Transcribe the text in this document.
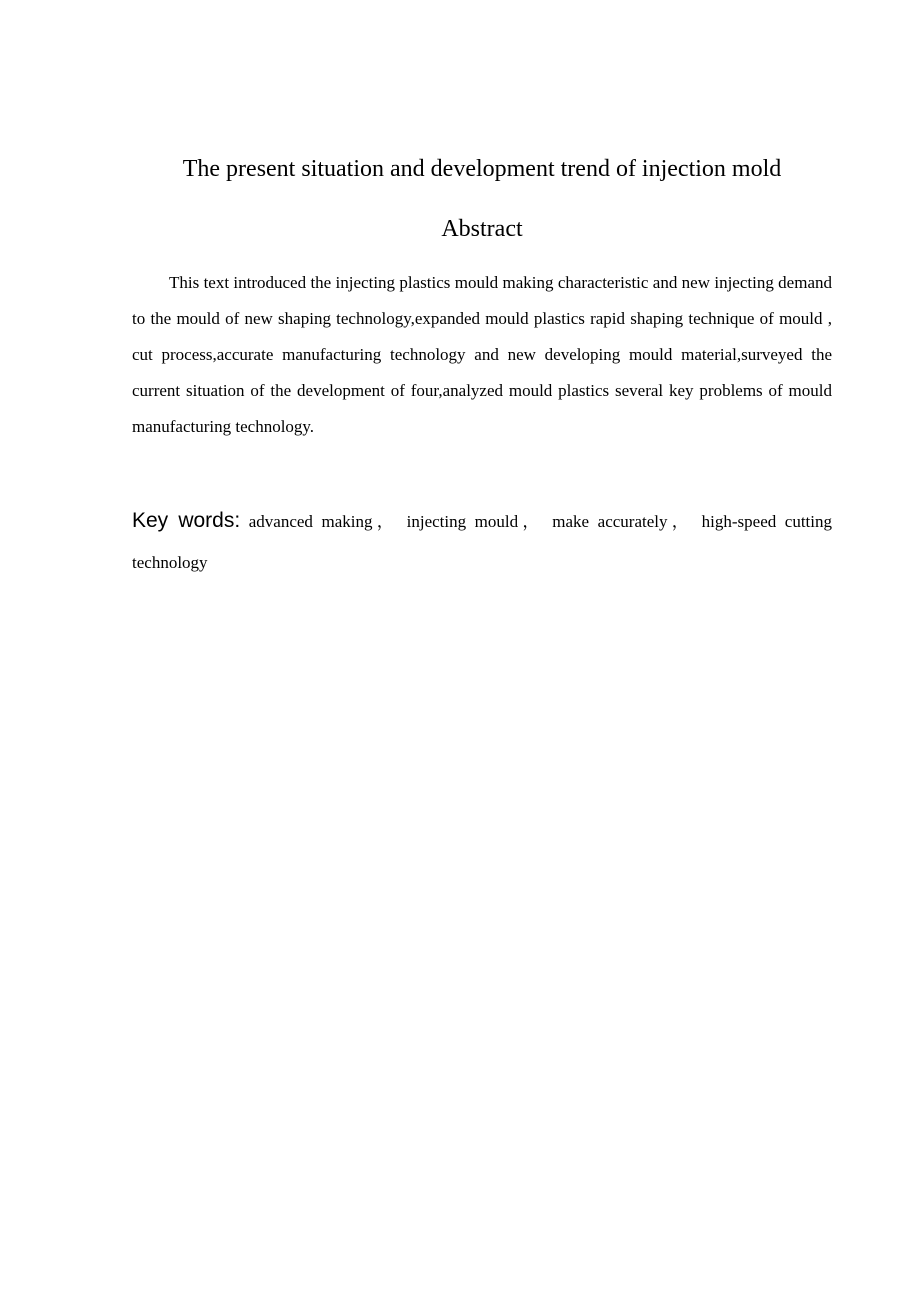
The present situation and development trend of injection mold
Abstract

This text introduced the injecting plastics mould making characteristic and new injecting demand to the mould of new shaping technology,expanded mould plastics rapid shaping technique of mould , cut process,accurate manufacturing technology and new developing mould material,surveyed the current situation of the development of four,analyzed mould plastics several key problems of mould manufacturing technology.

Key words: advanced making， injecting mould， make accurately， high-speed cutting technology
